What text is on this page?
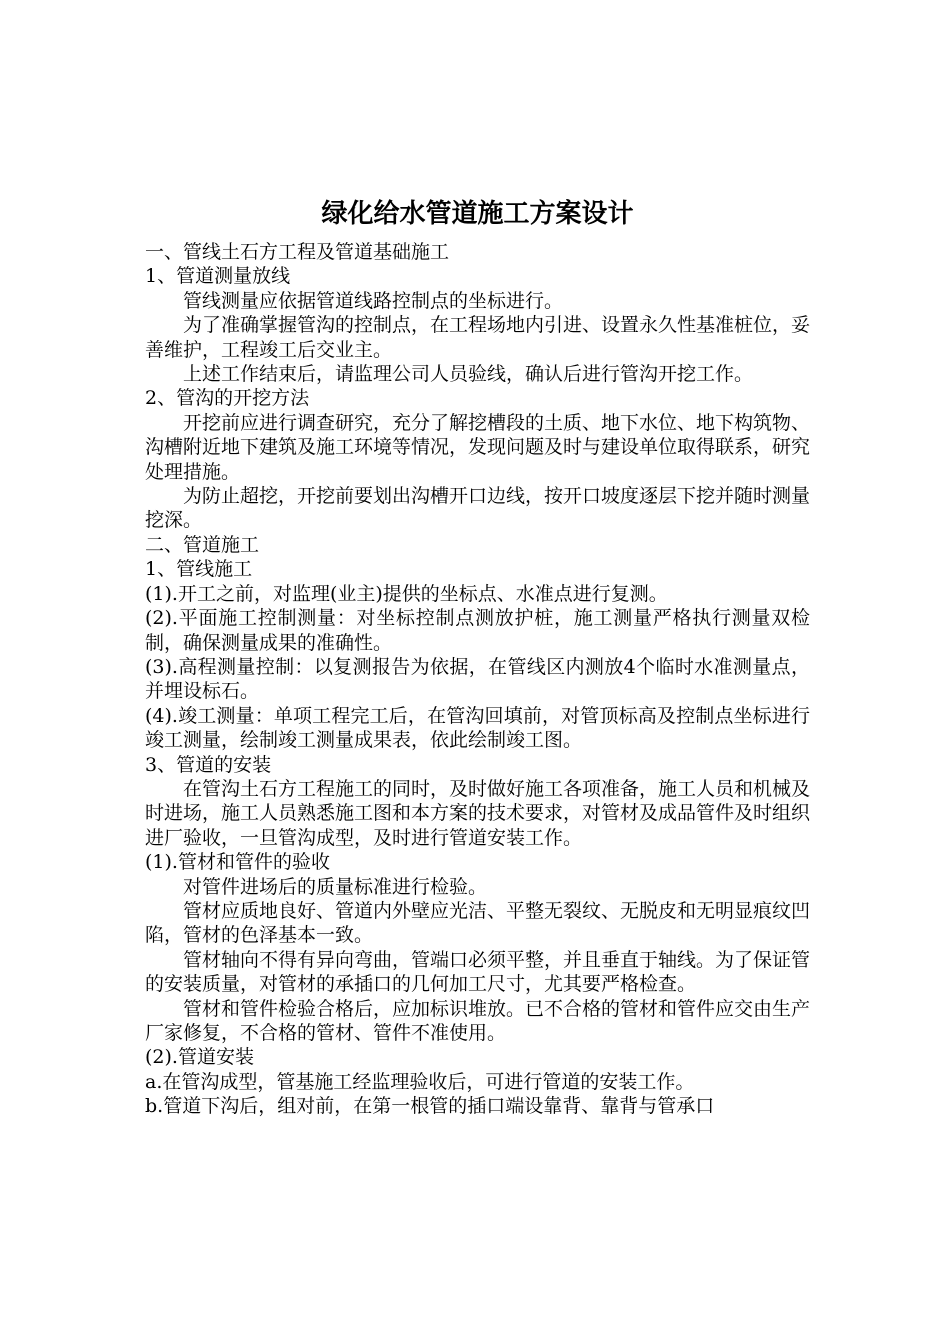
绿化给水管道施工方案设计

一、管线土石方工程及管道基础施工

1、管道测量放线

管线测量应依据管道线路控制点的坐标进行。

为了准确掌握管沟的控制点，在工程场地内引进、设置永久性基准桩位，妥善维护，工程竣工后交业主。

上述工作结束后，请监理公司人员验线，确认后进行管沟开挖工作。

2、管沟的开挖方法

开挖前应进行调查研究，充分了解挖槽段的土质、地下水位、地下构筑物、沟槽附近地下建筑及施工环境等情况，发现问题及时与建设单位取得联系，研究处理措施。

为防止超挖，开挖前要划出沟槽开口边线，按开口坡度逐层下挖并随时测量挖深。

二、管道施工

1、管线施工

(1).开工之前，对监理(业主)提供的坐标点、水准点进行复测。

(2).平面施工控制测量：对坐标控制点测放护桩，施工测量严格执行测量双检制，确保测量成果的准确性。

(3).高程测量控制：以复测报告为依据，在管线区内测放4个临时水准测量点，并埋设标石。

(4).竣工测量：单项工程完工后，在管沟回填前，对管顶标高及控制点坐标进行竣工测量，绘制竣工测量成果表，依此绘制竣工图。

3、管道的安装

在管沟土石方工程施工的同时，及时做好施工各项准备，施工人员和机械及时进场，施工人员熟悉施工图和本方案的技术要求，对管材及成品管件及时组织进厂验收，一旦管沟成型，及时进行管道安装工作。

(1).管材和管件的验收

对管件进场后的质量标准进行检验。

管材应质地良好、管道内外壁应光洁、平整无裂纹、无脱皮和无明显痕纹凹陷，管材的色泽基本一致。

管材轴向不得有异向弯曲，管端口必须平整，并且垂直于轴线。为了保证管的安装质量，对管材的承插口的几何加工尺寸，尤其要严格检查。

管材和管件检验合格后，应加标识堆放。已不合格的管材和管件应交由生产厂家修复，不合格的管材、管件不准使用。

(2).管道安装

a.在管沟成型，管基施工经监理验收后，可进行管道的安装工作。

b.管道下沟后，组对前，在第一根管的插口端设靠背、靠背与管承口
